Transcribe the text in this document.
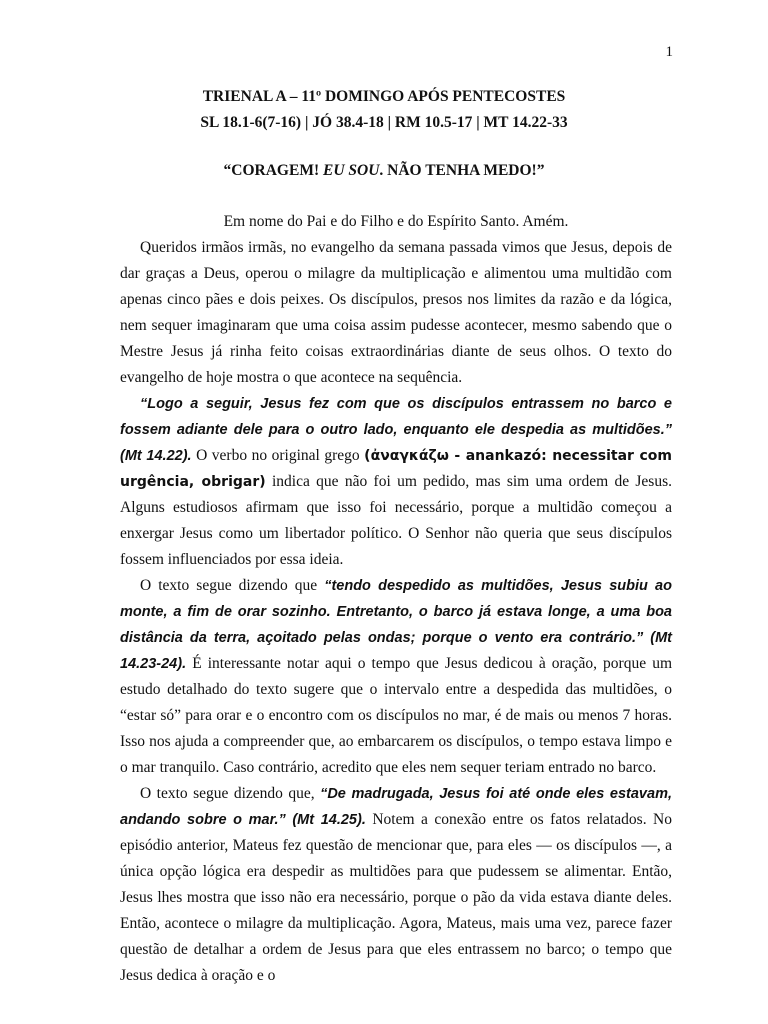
1
TRIENAL A – 11º DOMINGO APÓS PENTECOSTES
SL 18.1-6(7-16) | JÓ 38.4-18 | RM 10.5-17 | MT 14.22-33
“CORAGEM! EU SOU. NÃO TENHA MEDO!”

Em nome do Pai e do Filho e do Espírito Santo. Amém.

Queridos irmãos irmãs, no evangelho da semana passada vimos que Jesus, depois de dar graças a Deus, operou o milagre da multiplicação e alimentou uma multidão com apenas cinco pães e dois peixes. Os discípulos, presos nos limites da razão e da lógica, nem sequer imaginaram que uma coisa assim pudesse acontecer, mesmo sabendo que o Mestre Jesus já rinha feito coisas extraordinárias diante de seus olhos. O texto do evangelho de hoje mostra o que acontece na sequência.

“Logo a seguir, Jesus fez com que os discípulos entrassem no barco e fossem adiante dele para o outro lado, enquanto ele despedia as multidões.” (Mt 14.22). O verbo no original grego (ἀναγκάζω - anankazó: necessitar com urgência, obrigar) indica que não foi um pedido, mas sim uma ordem de Jesus. Alguns estudiosos afirmam que isso foi necessário, porque a multidão começou a enxergar Jesus como um libertador político. O Senhor não queria que seus discípulos fossem influenciados por essa ideia.

O texto segue dizendo que “tendo despedido as multidões, Jesus subiu ao monte, a fim de orar sozinho. Entretanto, o barco já estava longe, a uma boa distância da terra, açoitado pelas ondas; porque o vento era contrário.” (Mt 14.23-24). É interessante notar aqui o tempo que Jesus dedicou à oração, porque um estudo detalhado do texto sugere que o intervalo entre a despedida das multidões, o “estar só” para orar e o encontro com os discípulos no mar, é de mais ou menos 7 horas. Isso nos ajuda a compreender que, ao embarcarem os discípulos, o tempo estava limpo e o mar tranquilo. Caso contrário, acredito que eles nem sequer teriam entrado no barco.

O texto segue dizendo que, “De madrugada, Jesus foi até onde eles estavam, andando sobre o mar.” (Mt 14.25). Notem a conexão entre os fatos relatados. No episódio anterior, Mateus fez questão de mencionar que, para eles — os discípulos —, a única opção lógica era despedir as multidões para que pudessem se alimentar. Então, Jesus lhes mostra que isso não era necessário, porque o pão da vida estava diante deles. Então, acontece o milagre da multiplicação. Agora, Mateus, mais uma vez, parece fazer questão de detalhar a ordem de Jesus para que eles entrassem no barco; o tempo que Jesus dedica à oração e o
